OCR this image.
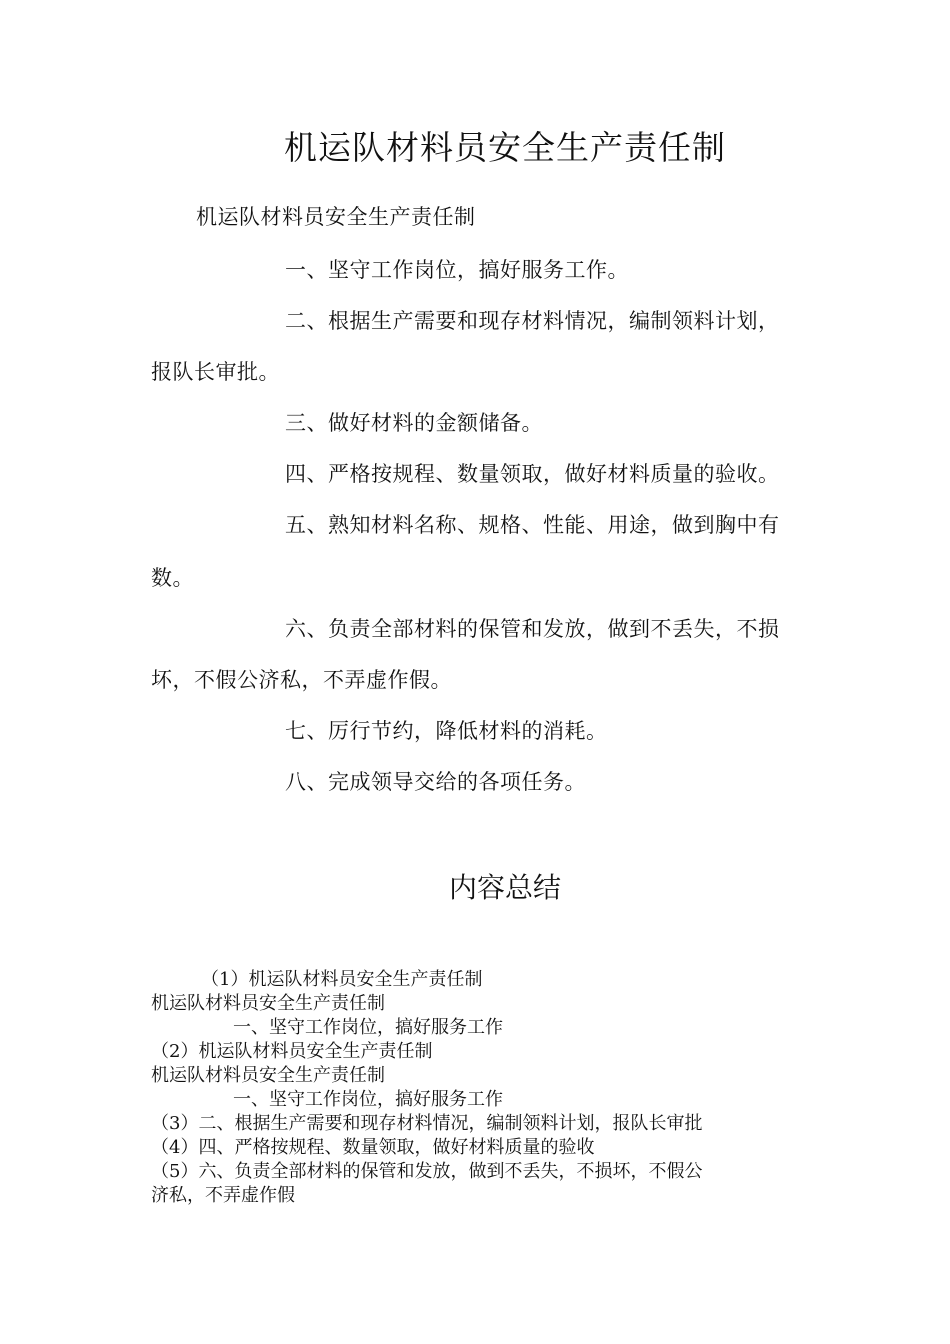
机运队材料员安全生产责任制
机运队材料员安全生产责任制
一、坚守工作岗位，搞好服务工作。
二、根据生产需要和现存材料情况，编制领料计划，
报队长审批。
三、做好材料的金额储备。
四、严格按规程、数量领取，做好材料质量的验收。
五、熟知材料名称、规格、性能、用途，做到胸中有
数。
六、负责全部材料的保管和发放，做到不丢失，不损
坏，不假公济私，不弄虚作假。
七、厉行节约，降低材料的消耗。
八、完成领导交给的各项任务。
内容总结
（1）机运队材料员安全生产责任制
机运队材料员安全生产责任制
一、坚守工作岗位，搞好服务工作
（2）机运队材料员安全生产责任制
机运队材料员安全生产责任制
一、坚守工作岗位，搞好服务工作
（3）二、根据生产需要和现存材料情况，编制领料计划，报队长审批
（4）四、严格按规程、数量领取，做好材料质量的验收
（5）六、负责全部材料的保管和发放，做到不丢失，不损坏，不假公
济私，不弄虚作假
